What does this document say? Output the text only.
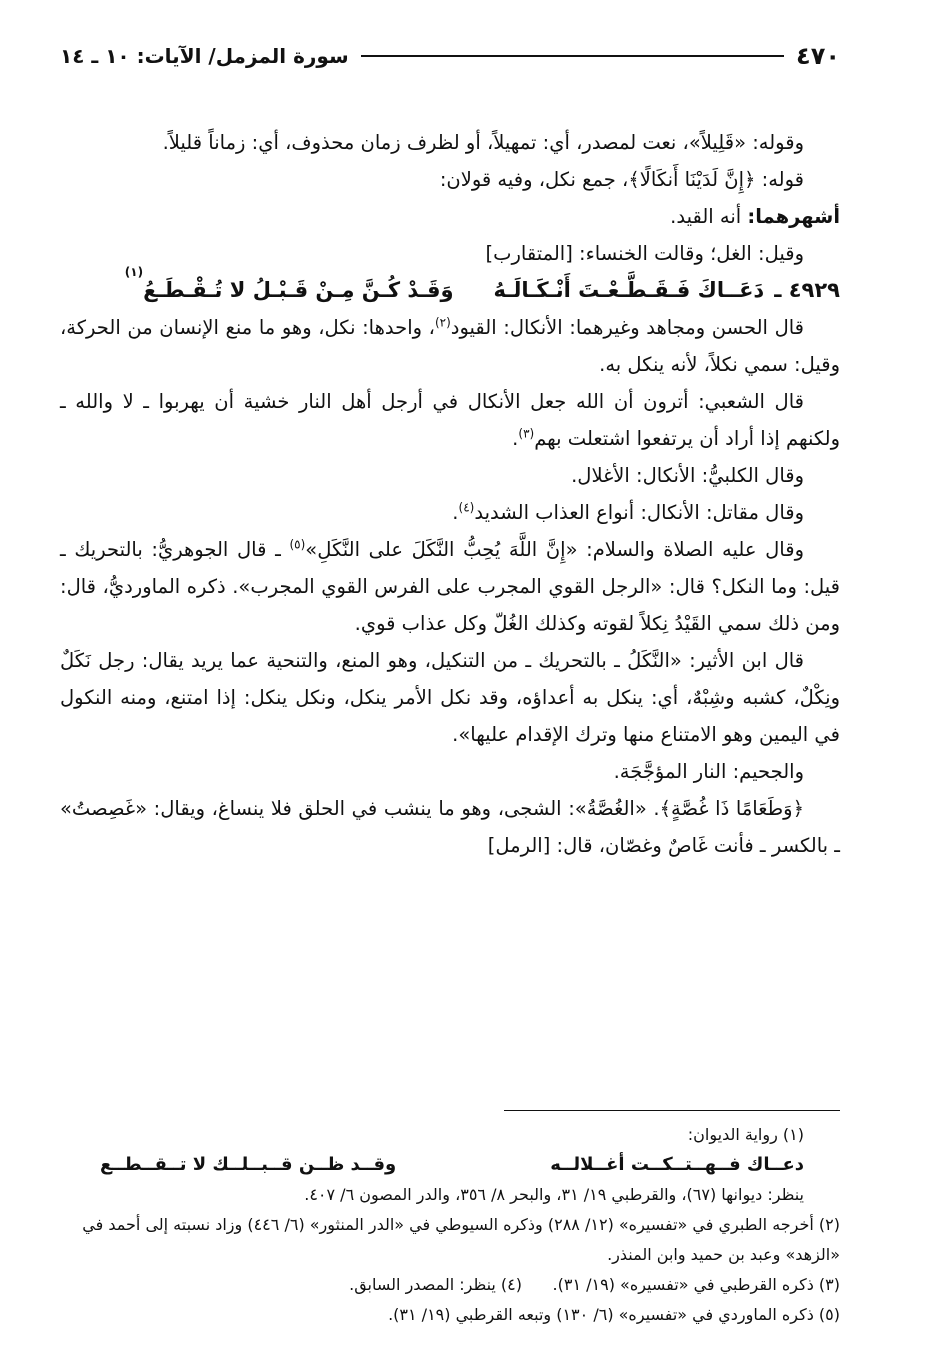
٤٧٠
سورة المزمل/ الآيات: ١٠ ـ ١٤

وقوله: «قَلِيلاً»، نعت لمصدر، أي: تمهيلاً، أو لظرف زمان محذوف، أي: زماناً قليلاً.

قوله: ﴿إِنَّ لَدَيْنَا أَنكَالًا﴾، جمع نكل، وفيه قولان:

أشهرهما: أنه القيد.

وقيل: الغل؛ وقالت الخنساء: [المتقارب]

٤٩٢٩ ـ
دَعَــاكَ فَـقَـطَّـعْـتَ أَنْـكَـالَـهُ
وَقَـدْ كُـنَّ مِـنْ قَـبْـلُ لا تُـقْـطَـعُ
(١)

قال الحسن ومجاهد وغيرهما: الأنكال: القيود$^{(٢)}$، واحدها: نكل، وهو ما منع الإنسان من الحركة، وقيل: سمي نكلاً، لأنه ينكل به.

قال الشعبي: أترون أن الله جعل الأنكال في أرجل أهل النار خشية أن يهربوا ـ لا والله ـ ولكنهم إذا أراد أن يرتفعوا اشتعلت بهم$^{(٣)}$.

وقال الكلبيُّ: الأنكال: الأغلال.

وقال مقاتل: الأنكال: أنواع العذاب الشديد$^{(٤)}$.

وقال عليه الصلاة والسلام: «إِنَّ اللَّهَ يُحِبُّ النَّكَلَ على النَّكَلِ»$^{(٥)}$ ـ قال الجوهريُّ: بالتحريك ـ قيل: وما النكل؟ قال: «الرجل القوي المجرب على الفرس القوي المجرب». ذكره الماورديُّ، قال: ومن ذلك سمي القَيْدُ نِكلاً لقوته وكذلك الغُلّ وكل عذاب قوي.

قال ابن الأثير: «النَّكَلُ ـ بالتحريك ـ من التنكيل، وهو المنع، والتنحية عما يريد يقال: رجل نَكَلٌ ونِكْلٌ، كشبه وشِبْهٌ، أي: ينكل به أعداؤه، وقد نكل الأمر ينكل، ونكل ينكل: إذا امتنع، ومنه النكول في اليمين وهو الامتناع منها وترك الإقدام عليها».

والجحيم: النار المؤجَّجَة.

﴿وَطَعَامًا ذَا غُصَّةٍ﴾. «الغُصَّةُ»: الشجى، وهو ما ينشب في الحلق فلا ينساغ، ويقال: «غَصِصتُ» ـ بالكسر ـ فأنت غَاصٌ وغصّان، قال: [الرمل]

(١) رواية الديوان:

دعــاك فــهــتــكــت أغــلالــه
وقــد ظــن قــبــلــك لا تــقــطــع

ينظر: ديوانها (٦٧)، والقرطبي ١٩/ ٣١، والبحر ٨/ ٣٥٦، والدر المصون ٦/ ٤٠٧.

(٢) أخرجه الطبري في «تفسيره» (١٢/ ٢٨٨) وذكره السيوطي في «الدر المنثور» (٦/ ٤٤٦) وزاد نسبته إلى أحمد في «الزهد» وعبد بن حميد وابن المنذر.

(٣) ذكره القرطبي في «تفسيره» (١٩/ ٣١).      (٤) ينظر: المصدر السابق.

(٥) ذكره الماوردي في «تفسيره» (٦/ ١٣٠) وتبعه القرطبي (١٩/ ٣١).
